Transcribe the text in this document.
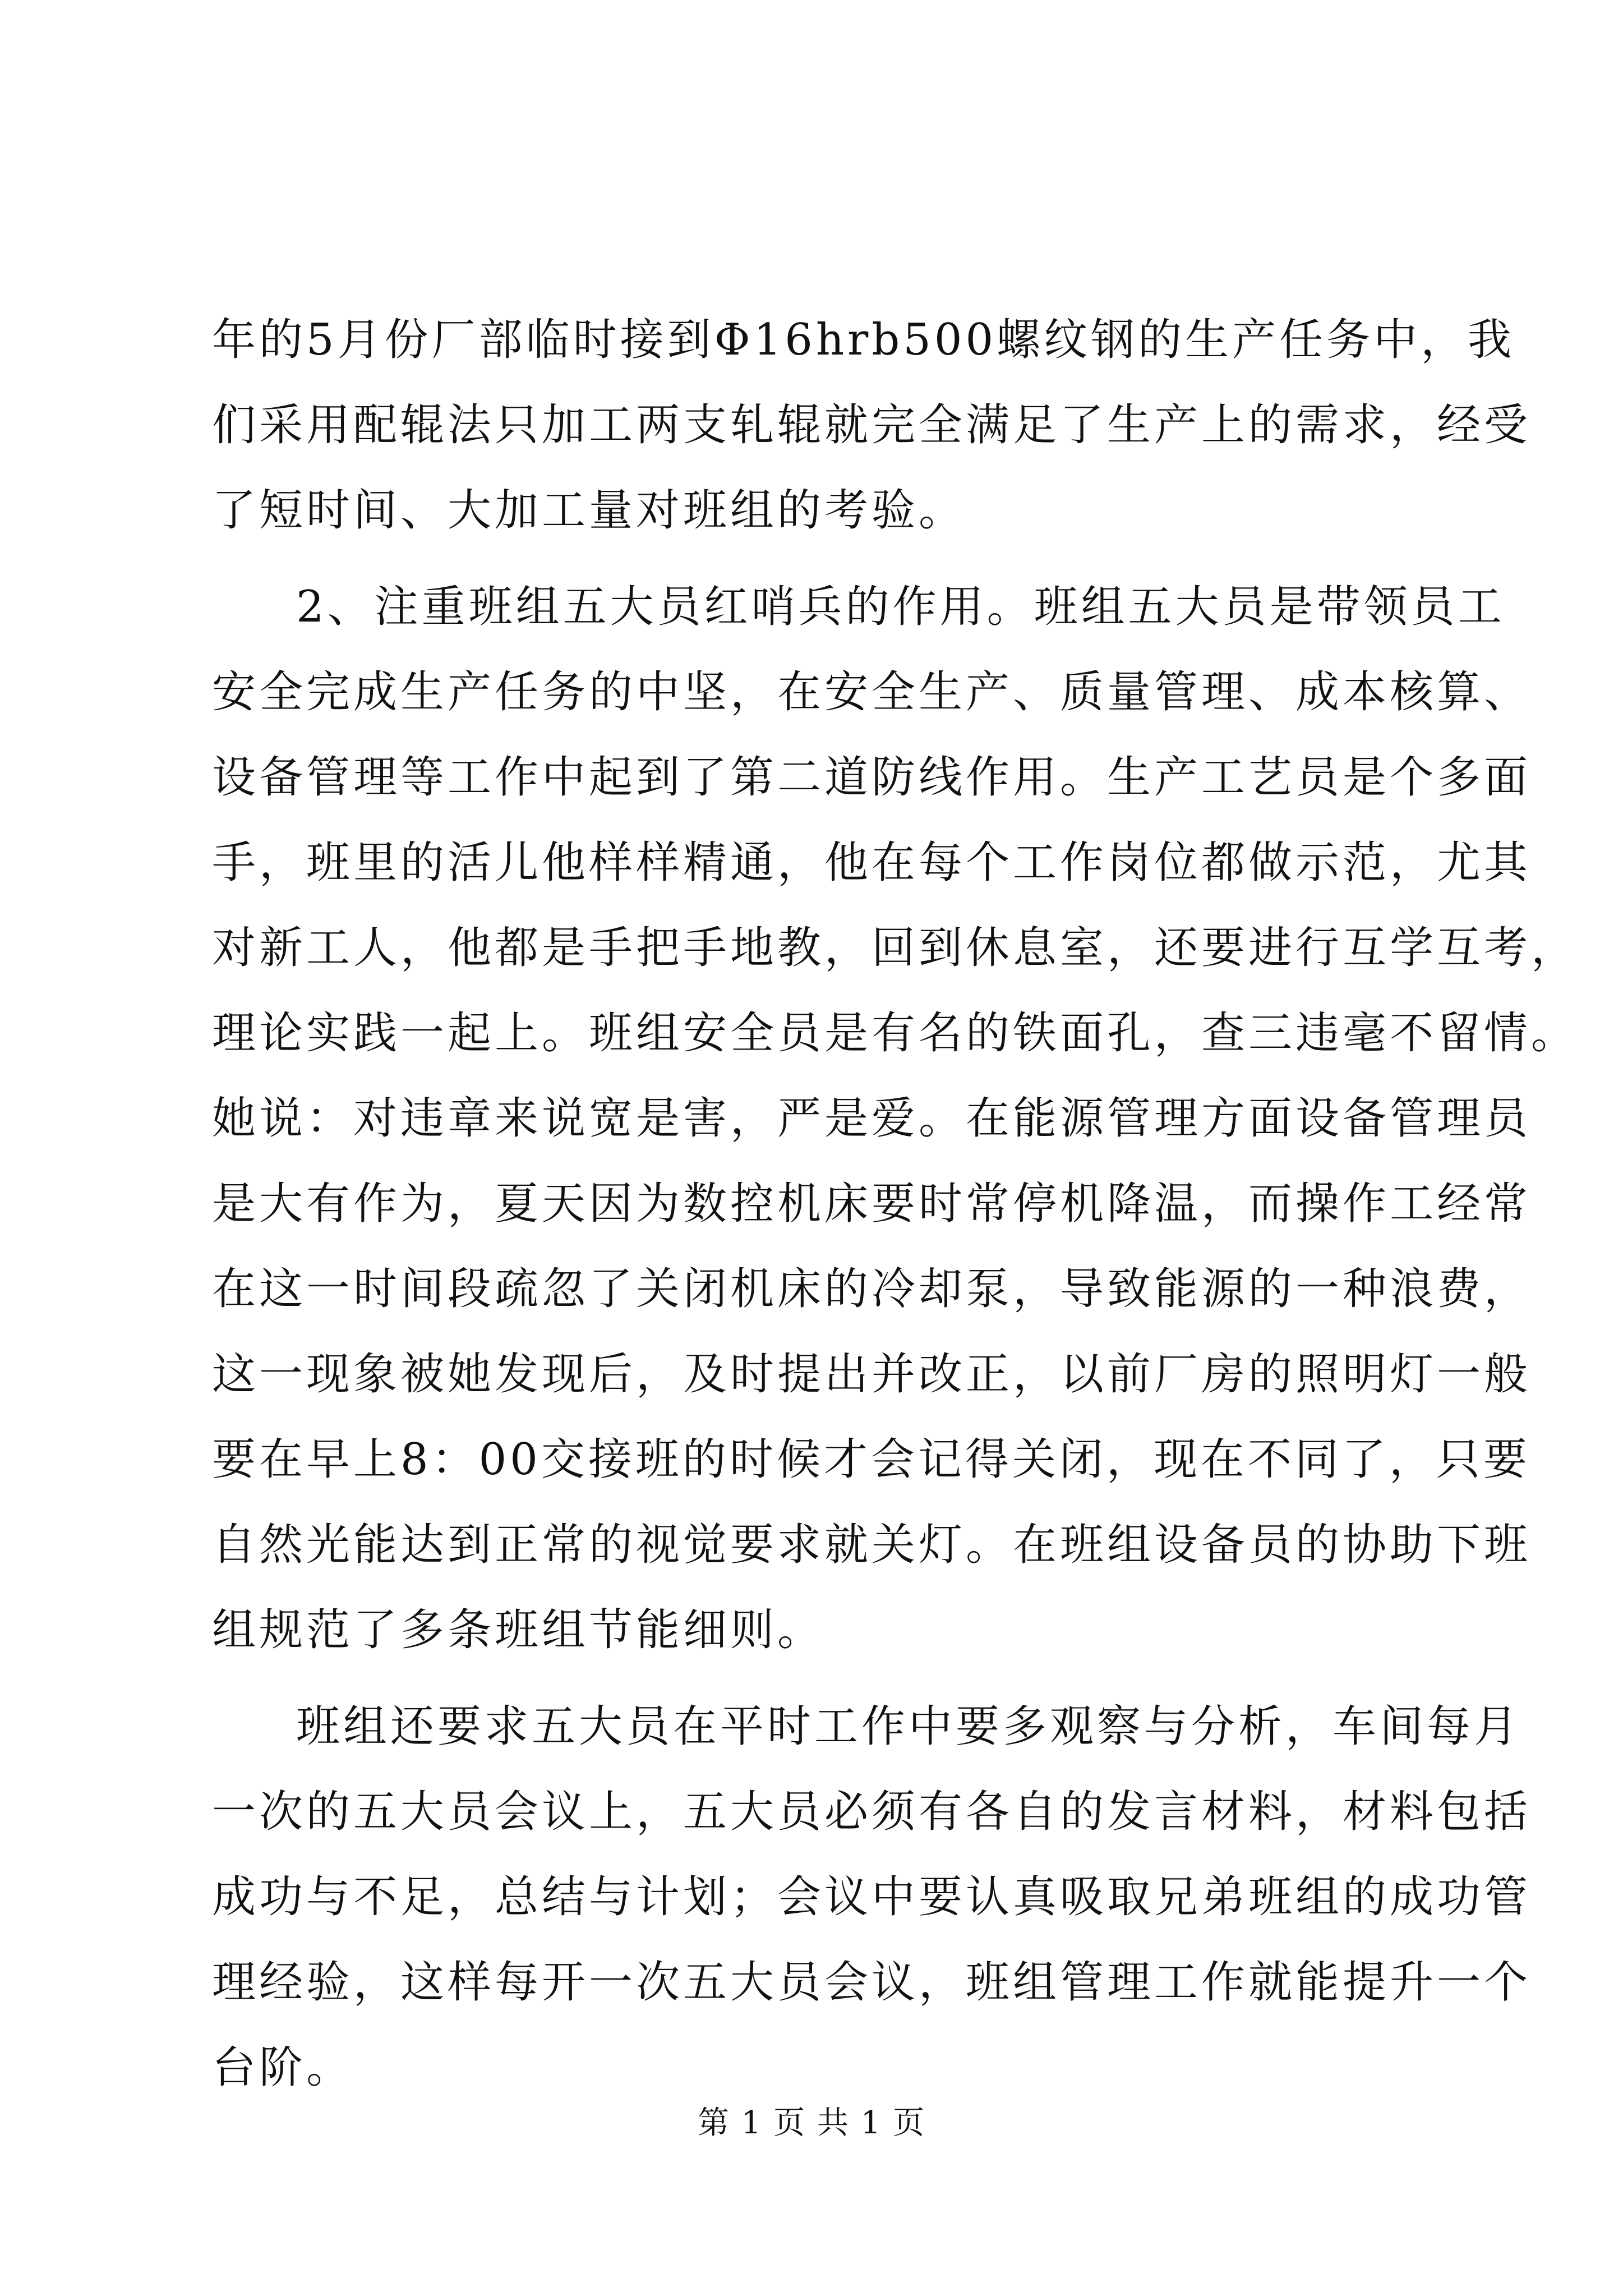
年的5月份厂部临时接到Φ16hrb500螺纹钢的生产任务中，我
们采用配辊法只加工两支轧辊就完全满足了生产上的需求，经受
了短时间、大加工量对班组的考验。
2、注重班组五大员红哨兵的作用。班组五大员是带领员工
安全完成生产任务的中坚，在安全生产、质量管理、成本核算、
设备管理等工作中起到了第二道防线作用。生产工艺员是个多面
手，班里的活儿他样样精通，他在每个工作岗位都做示范，尤其
对新工人，他都是手把手地教，回到休息室，还要进行互学互考，
理论实践一起上。班组安全员是有名的铁面孔，查三违毫不留情。
她说：对违章来说宽是害，严是爱。在能源管理方面设备管理员
是大有作为，夏天因为数控机床要时常停机降温，而操作工经常
在这一时间段疏忽了关闭机床的冷却泵，导致能源的一种浪费，
这一现象被她发现后，及时提出并改正，以前厂房的照明灯一般
要在早上8：00交接班的时候才会记得关闭，现在不同了，只要
自然光能达到正常的视觉要求就关灯。在班组设备员的协助下班
组规范了多条班组节能细则。
班组还要求五大员在平时工作中要多观察与分析，车间每月
一次的五大员会议上，五大员必须有各自的发言材料，材料包括
成功与不足，总结与计划；会议中要认真吸取兄弟班组的成功管
理经验，这样每开一次五大员会议，班组管理工作就能提升一个
台阶。
第 1 页 共 1 页
